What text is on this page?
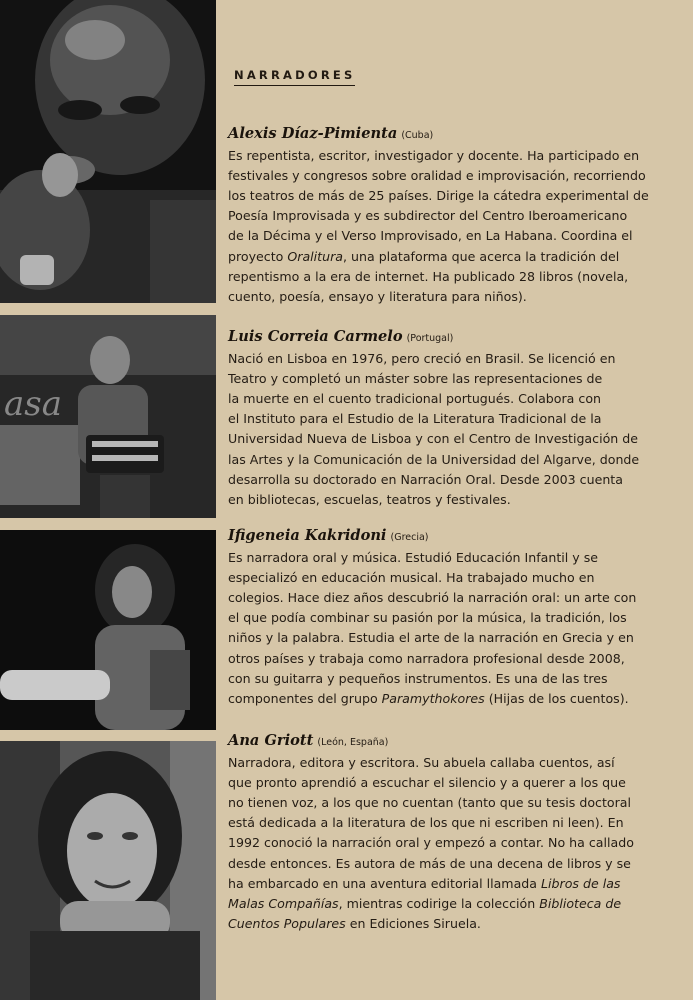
asa
NARRADORES
Alexis Díaz-Pimienta (Cuba)
Es repentista, escritor, investigador y docente. Ha participado en
festivales y congresos sobre oralidad e improvisación, recorriendo
los teatros de más de 25 países. Dirige la cátedra experimental de
Poesía Improvisada y es subdirector del Centro Iberoamericano
de la Décima y el Verso Improvisado, en La Habana. Coordina el
proyecto Oralitura, una plataforma que acerca la tradición del
repentismo a la era de internet. Ha publicado 28 libros (novela,
cuento, poesía, ensayo y literatura para niños).
Luis Correia Carmelo (Portugal)
Nació en Lisboa en 1976, pero creció en Brasil. Se licenció en
Teatro y completó un máster sobre las representaciones de
la muerte en el cuento tradicional portugués. Colabora con
el Instituto para el Estudio de la Literatura Tradicional de la
Universidad Nueva de Lisboa y con el Centro de Investigación de
las Artes y la Comunicación de la Universidad del Algarve, donde
desarrolla su doctorado en Narración Oral. Desde 2003 cuenta
en bibliotecas, escuelas, teatros y festivales.
Ifigeneia Kakridoni (Grecia)
Es narradora oral y música. Estudió Educación Infantil y se
especializó en educación musical. Ha trabajado mucho en
colegios. Hace diez años descubrió la narración oral: un arte con
el que podía combinar su pasión por la música, la tradición, los
niños y la palabra. Estudia el arte de la narración en Grecia y en
otros países y trabaja como narradora profesional desde 2008,
con su guitarra y pequeños instrumentos. Es una de las tres
componentes del grupo Paramythokores (Hijas de los cuentos).
Ana Griott (León, España)
Narradora, editora y escritora. Su abuela callaba cuentos, así
que pronto aprendió a escuchar el silencio y a querer a los que
no tienen voz, a los que no cuentan (tanto que su tesis doctoral
está dedicada a la literatura de los que ni escriben ni leen). En
1992 conoció la narración oral y empezó a contar. No ha callado
desde entonces. Es autora de más de una decena de libros y se
ha embarcado en una aventura editorial llamada Libros de las
Malas Compañías, mientras codirige la colección Biblioteca de
Cuentos Populares en Ediciones Siruela.
